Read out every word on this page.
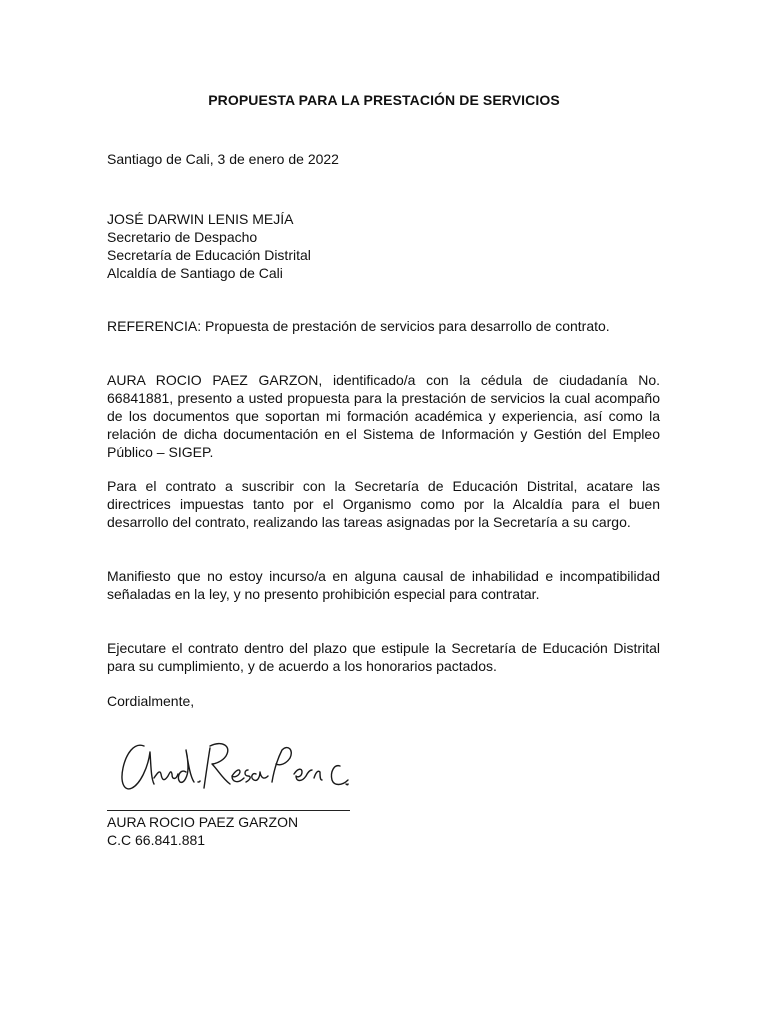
PROPUESTA PARA LA PRESTACIÓN DE SERVICIOS
Santiago de Cali, 3 de enero de 2022
JOSÉ DARWIN LENIS MEJÍA
Secretario de Despacho
Secretaría de Educación Distrital
Alcaldía de Santiago de Cali
REFERENCIA: Propuesta de prestación de servicios para desarrollo de contrato.
AURA ROCIO PAEZ GARZON, identificado/a con la cédula de ciudadanía No. 66841881, presento a usted propuesta para la prestación de servicios la cual acompaño de los documentos que soportan mi formación académica y experiencia, así como la relación de dicha documentación en el Sistema de Información y Gestión del Empleo Público – SIGEP.
Para el contrato a suscribir con la Secretaría de Educación Distrital, acatare las directrices impuestas tanto por el Organismo como por la Alcaldía para el buen desarrollo del contrato, realizando las tareas asignadas por la Secretaría a su cargo.
Manifiesto que no estoy incurso/a en alguna causal de inhabilidad e incompatibilidad señaladas en la ley, y no presento prohibición especial para contratar.
Ejecutare el contrato dentro del plazo que estipule la Secretaría de Educación Distrital para su cumplimiento, y de acuerdo a los honorarios pactados.
Cordialmente,
AURA ROCIO PAEZ GARZON
C.C 66.841.881
